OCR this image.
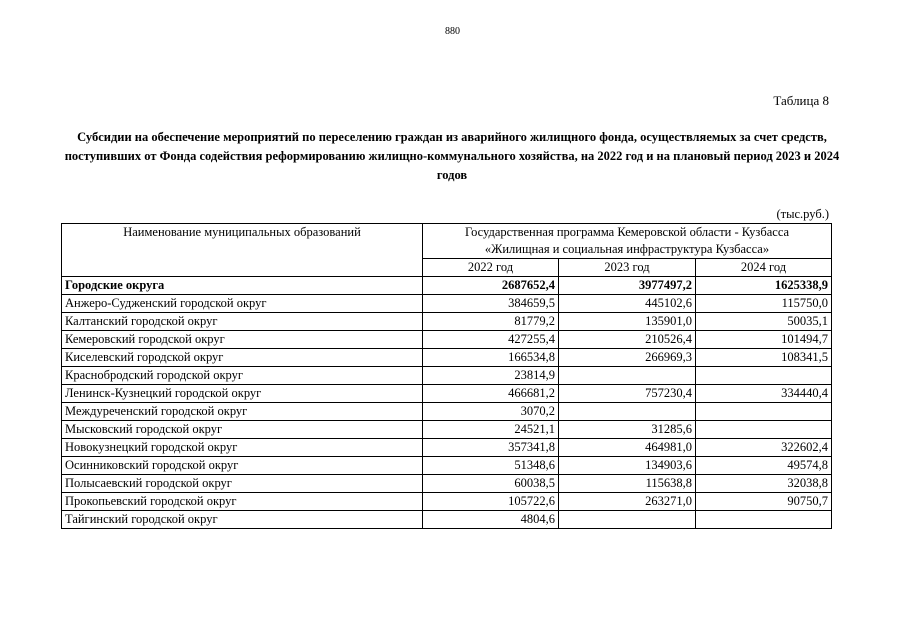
880
Таблица 8
Субсидии на обеспечение мероприятий по переселению граждан из аварийного жилищного фонда, осуществляемых за счет средств, поступивших от Фонда содействия реформированию жилищно-коммунального хозяйства, на 2022 год и на плановый период 2023 и 2024 годов
(тыс.руб.)
Наименование муниципальных образований	Государственная программа Кемеровской области - Кузбасса
«Жилищная и социальная инфраструктура Кузбасса»		
	2022 год	2023 год	2024 год
Городские округа	2687652,4	3977497,2	1625338,9
Анжеро-Судженский городской округ	384659,5	445102,6	115750,0
Калтанский городской округ	81779,2	135901,0	50035,1
Кемеровский городской округ	427255,4	210526,4	101494,7
Киселевский городской округ	166534,8	266969,3	108341,5
Краснобродский городской округ	23814,9		
Ленинск-Кузнецкий городской округ	466681,2	757230,4	334440,4
Междуреченский городской округ	3070,2		
Мысковский городской округ	24521,1	31285,6	
Новокузнецкий городской округ	357341,8	464981,0	322602,4
Осинниковский городской округ	51348,6	134903,6	49574,8
Полысаевский городской округ	60038,5	115638,8	32038,8
Прокопьевский городской округ	105722,6	263271,0	90750,7
Тайгинский городской округ	4804,6		
